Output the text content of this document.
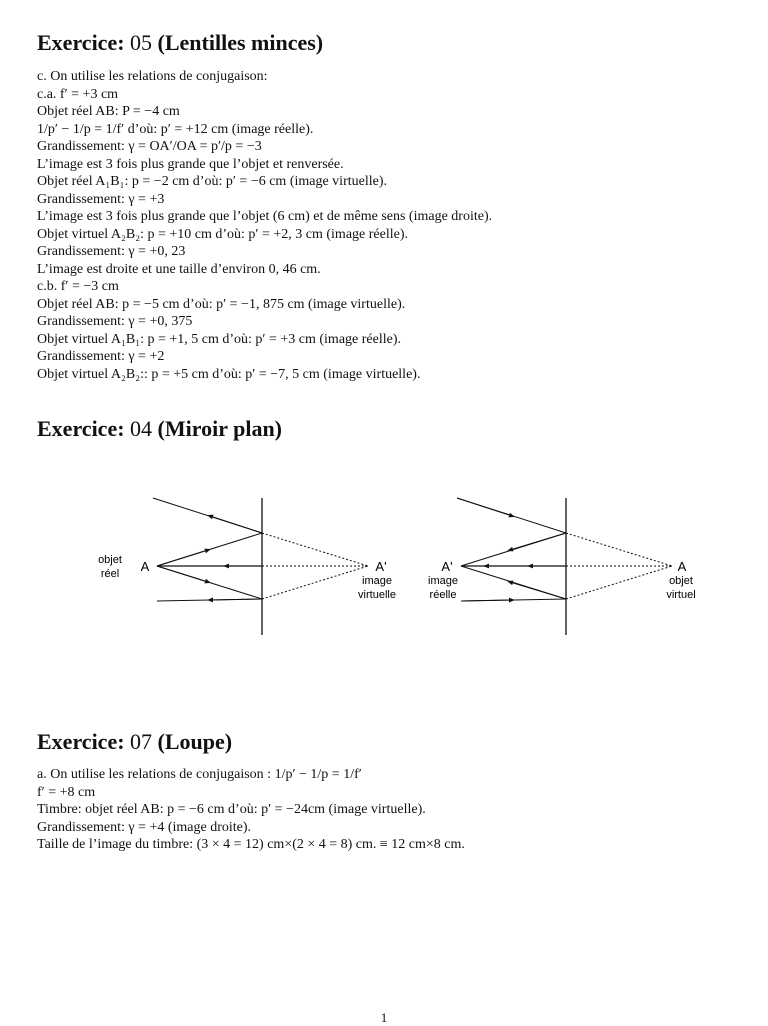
Exercice: 05 (Lentilles minces)
c. On utilise les relations de conjugaison:
c.a. f′ = +3 cm
Objet réel AB: P = −4 cm
1/p′ − 1/p = 1/f′ d’où: p′ = +12 cm (image réelle).
Grandissement: γ = OA′/OA = p′/p = −3
L’image est 3 fois plus grande que l’objet et renversée.
Objet réel A₁B₁: p = −2 cm d’où: p′ = −6 cm (image virtuelle).
Grandissement: γ = +3
L’image est 3 fois plus grande que l’objet (6 cm) et de même sens (image droite).
Objet virtuel A₂B₂: p = +10 cm d’où: p′ = +2, 3 cm (image réelle).
Grandissement: γ = +0, 23
L’image est droite et une taille d’environ 0, 46 cm.
c.b. f′ = −3 cm
Objet réel AB: p = −5 cm d’où: p′ = −1, 875 cm (image virtuelle).
Grandissement: γ = +0, 375
Objet virtuel A₁B₁: p = +1, 5 cm d’où: p′ = +3 cm (image réelle).
Grandissement: γ = +2
Objet virtuel A₂B₂:: p = +5 cm d’où: p′ = −7, 5 cm (image virtuelle).
Exercice: 04 (Miroir plan)
A
objet
réel	A'
image
virtuelle
A'
image
réelle
A
objet
virtuel
Exercice: 07 (Loupe)
a. On utilise les relations de conjugaison : 1/p′ − 1/p = 1/f′
f′ = +8 cm
Timbre: objet réel AB: p = −6 cm d’où: p′ = −24cm (image virtuelle).
Grandissement: γ = +4 (image droite).
Taille de l’image du timbre: (3 × 4 = 12) cm×(2 × 4 = 8) cm. ≡ 12 cm×8 cm.
1
